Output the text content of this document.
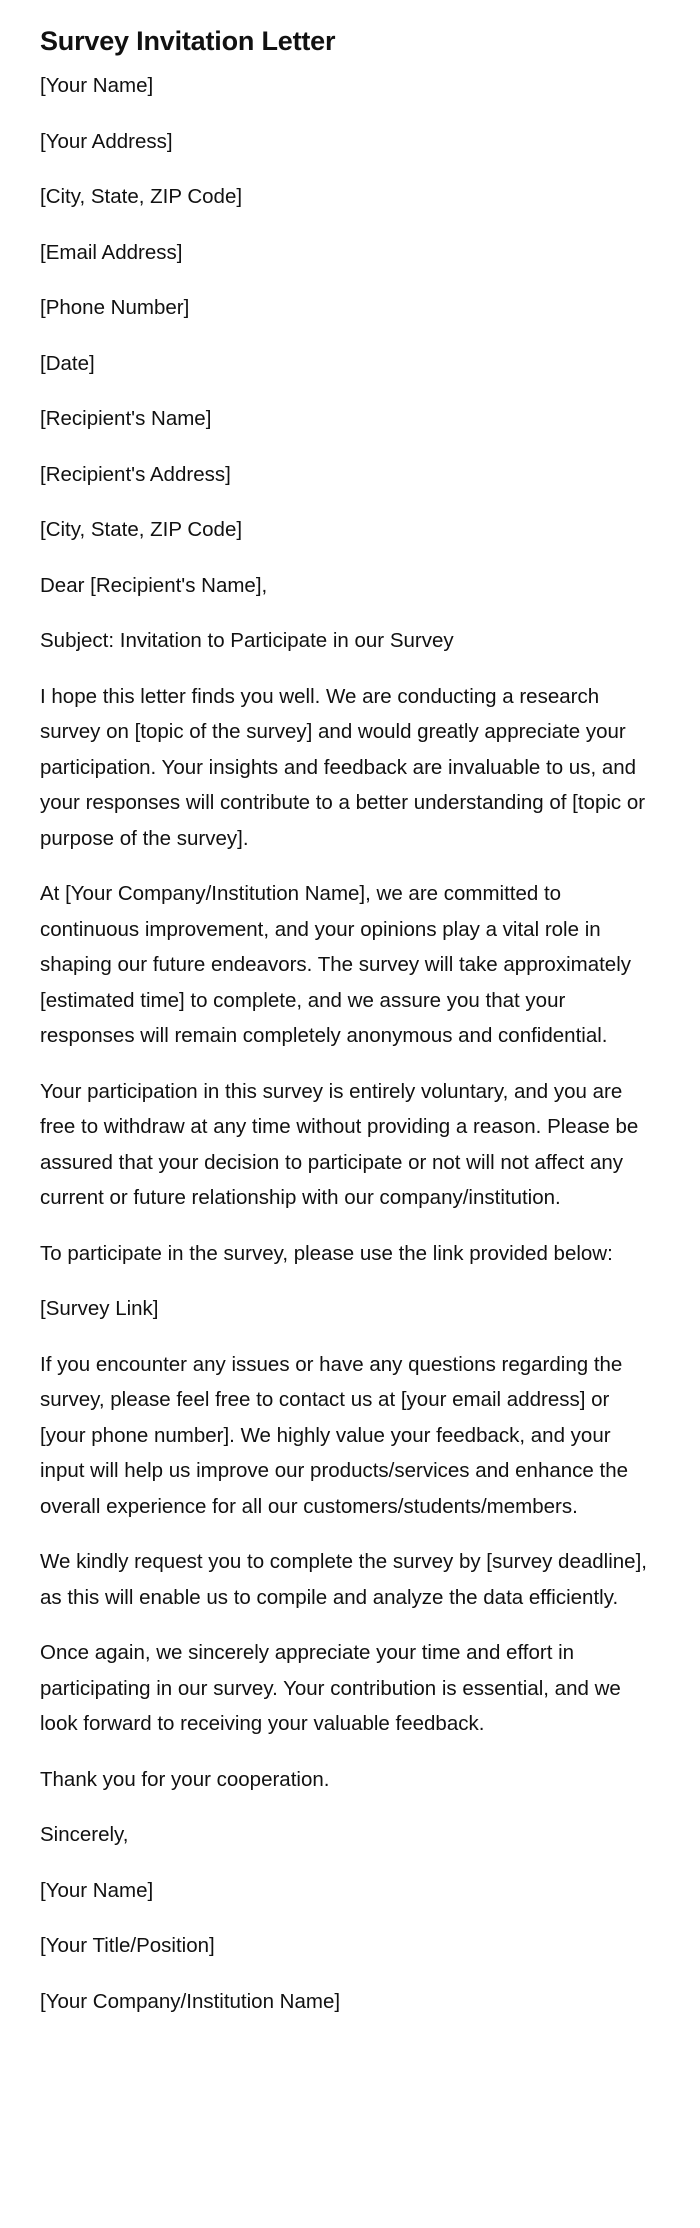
Survey Invitation Letter

[Your Name]

[Your Address]

[City, State, ZIP Code]

[Email Address]

[Phone Number]

[Date]

[Recipient's Name]

[Recipient's Address]

[City, State, ZIP Code]

Dear [Recipient's Name],

Subject: Invitation to Participate in our Survey

I hope this letter finds you well. We are conducting a research survey on [topic of the survey] and would greatly appreciate your participation. Your insights and feedback are invaluable to us, and your responses will contribute to a better understanding of [topic or purpose of the survey].

At [Your Company/Institution Name], we are committed to continuous improvement, and your opinions play a vital role in shaping our future endeavors. The survey will take approximately [estimated time] to complete, and we assure you that your responses will remain completely anonymous and confidential.

Your participation in this survey is entirely voluntary, and you are free to withdraw at any time without providing a reason. Please be assured that your decision to participate or not will not affect any current or future relationship with our company/institution.

To participate in the survey, please use the link provided below:

[Survey Link]

If you encounter any issues or have any questions regarding the survey, please feel free to contact us at [your email address] or [your phone number]. We highly value your feedback, and your input will help us improve our products/services and enhance the overall experience for all our customers/students/members.

We kindly request you to complete the survey by [survey deadline], as this will enable us to compile and analyze the data efficiently.

Once again, we sincerely appreciate your time and effort in participating in our survey. Your contribution is essential, and we look forward to receiving your valuable feedback.

Thank you for your cooperation.

Sincerely,

[Your Name]

[Your Title/Position]

[Your Company/Institution Name]
